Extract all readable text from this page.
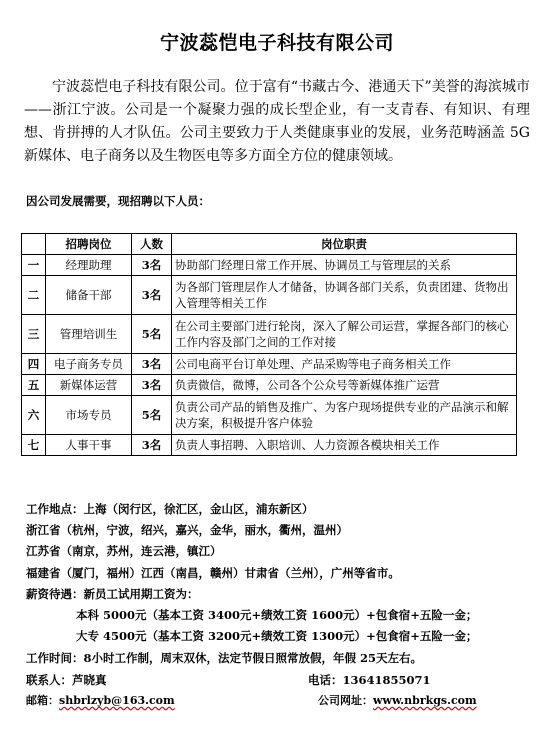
宁波蕊恺电子科技有限公司
宁波蕊恺电子科技有限公司。位于富有“书藏古今、港通天下”美誉的海滨城市——浙江宁波。公司是一个凝聚力强的成长型企业，有一支青春、有知识、有理想、肯拼搏的人才队伍。公司主要致力于人类健康事业的发展，业务范畴涵盖 5G新媒体、电子商务以及生物医电等多方面全方位的健康领域。
因公司发展需要，现招聘以下人员：
	招聘岗位	人数	岗位职责
一	经理助理	3名	协助部门经理日常工作开展、协调员工与管理层的关系
二	储备干部	3名	为各部门管理层作人才储备，协调各部门关系，负责团建、货物出入管理等相关工作
三	管理培训生	5名	在公司主要部门进行轮岗，深入了解公司运营，掌握各部门的核心工作内容及部门之间的工作对接
四	电子商务专员	3名	公司电商平台订单处理、产品采购等电子商务相关工作
五	新媒体运营	3名	负责微信，微博，公司各个公众号等新媒体推广运营
六	市场专员	5名	负责公司产品的销售及推广、为客户现场提供专业的产品演示和解决方案，积极提升客户体验
七	人事干事	3名	负责人事招聘、入职培训、人力资源各模块相关工作
工作地点：上海（闵行区，徐汇区，金山区，浦东新区）
浙江省（杭州，宁波，绍兴，嘉兴，金华，丽水，衢州，温州）
江苏省（南京，苏州，连云港，镇江）
福建省（厦门，福州）江西（南昌，赣州）甘肃省（兰州），广州等省市。
薪资待遇：新员工试用期工资为：
本科 5000元（基本工资 3400元+绩效工资 1600元）+包食宿+五险一金；
大专 4500元（基本工资 3200元+绩效工资 1300元）+包食宿+五险一金；
工作时间：8小时工作制，周末双休，法定节假日照常放假，年假 25天左右。
联系人：芦晓真	电话：13641855071
邮箱：shbrlzyb@163.com	公司网址：www.nbrkgs.com
